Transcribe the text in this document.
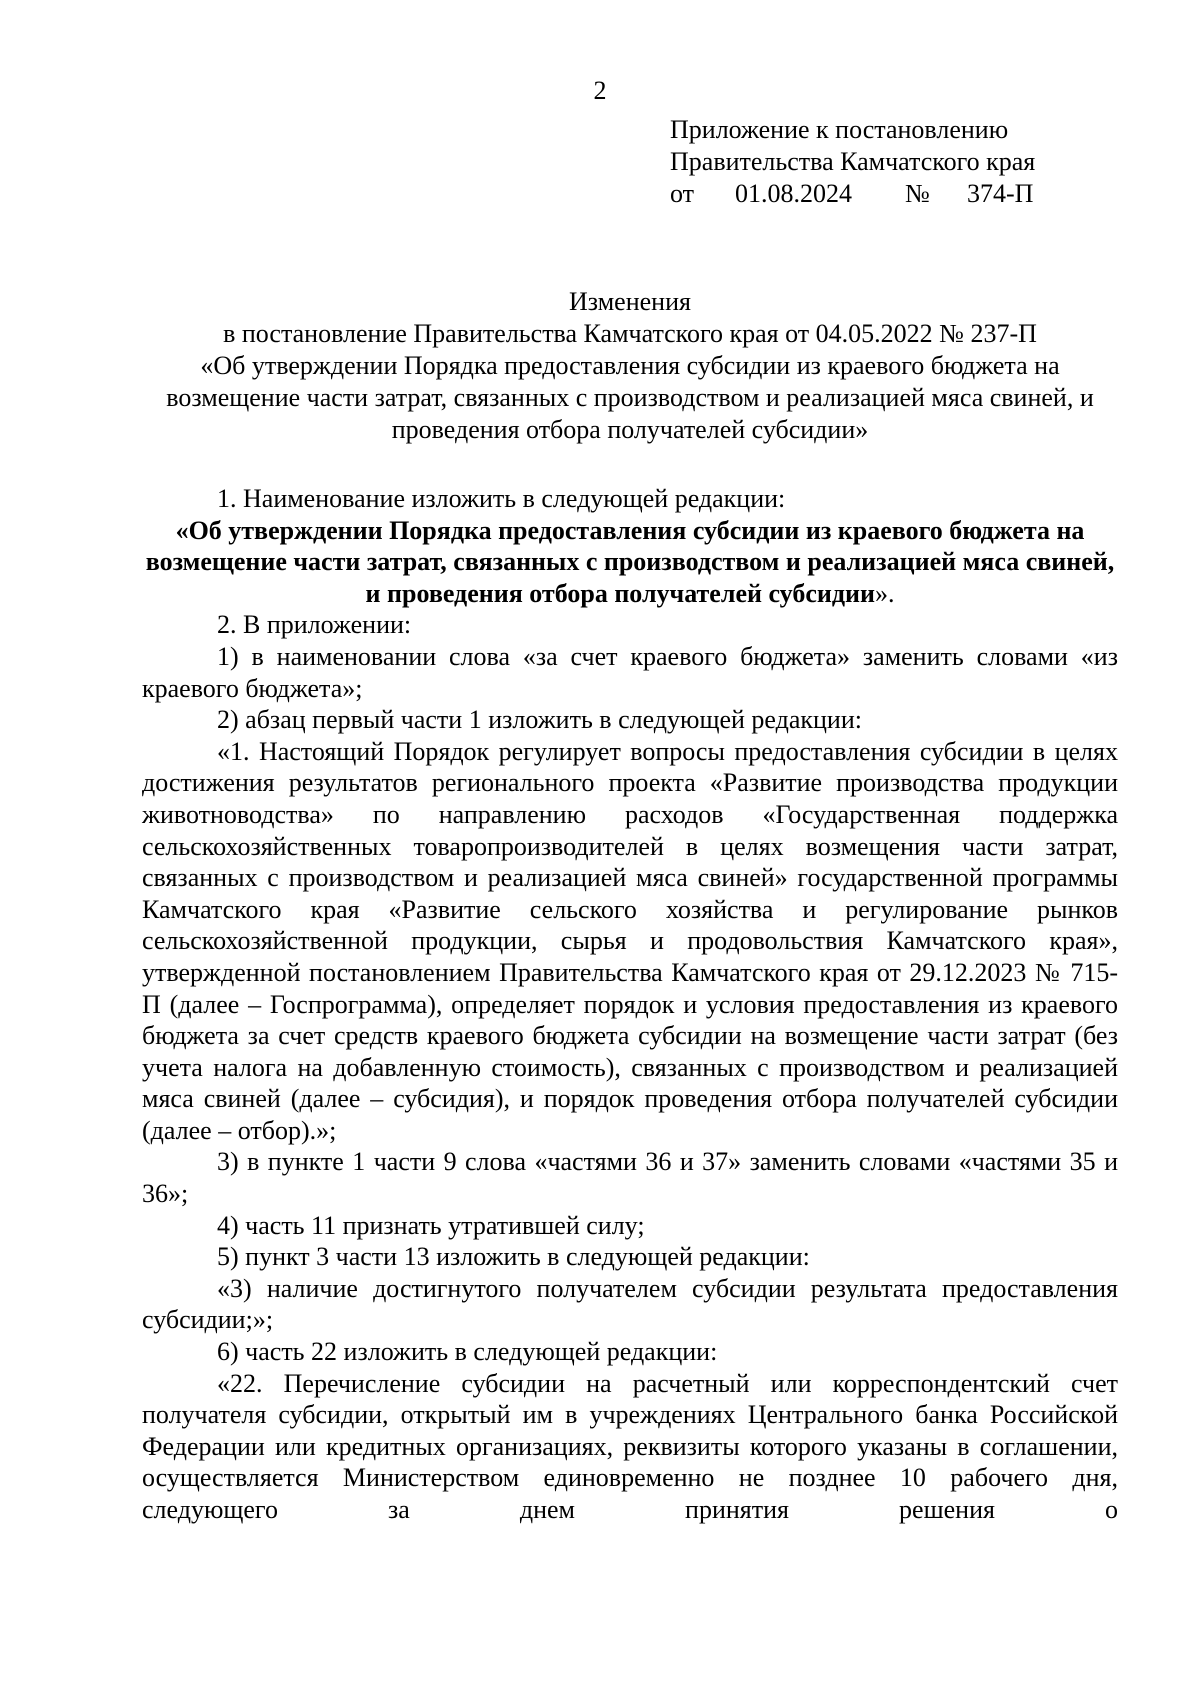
2
Приложение к постановлению
Правительства Камчатского края
от 01.08.2024 № 374-П
Изменения
в постановление Правительства Камчатского края от 04.05.2022 № 237-П
«Об утверждении Порядка предоставления субсидии из краевого бюджета на возмещение части затрат, связанных с производством и реализацией мяса свиней, и проведения отбора получателей субсидии»

1. Наименование изложить в следующей редакции:

«Об утверждении Порядка предоставления субсидии из краевого бюджета на возмещение части затрат, связанных с производством и реализацией мяса свиней, и проведения отбора получателей субсидии».

2. В приложении:

1) в наименовании слова «за счет краевого бюджета» заменить словами «из краевого бюджета»;

2) абзац первый части 1 изложить в следующей редакции:

«1. Настоящий Порядок регулирует вопросы предоставления субсидии в целях достижения результатов регионального проекта «Развитие производства продукции животноводства» по направлению расходов «Государственная поддержка сельскохозяйственных товаропроизводителей в целях возмещения части затрат, связанных с производством и реализацией мяса свиней» государственной программы Камчатского края «Развитие сельского хозяйства и регулирование рынков сельскохозяйственной продукции, сырья и продовольствия Камчатского края», утвержденной постановлением Правительства Камчатского края от 29.12.2023 № 715-П (далее – Госпрограмма), определяет порядок и условия предоставления из краевого бюджета за счет средств краевого бюджета субсидии на возмещение части затрат (без учета налога на добавленную стоимость), связанных с производством и реализацией мяса свиней (далее – субсидия), и порядок проведения отбора получателей субсидии (далее – отбор).»;

3) в пункте 1 части 9 слова «частями 36 и 37» заменить словами «частями 35 и 36»;

4) часть 11 признать утратившей силу;

5) пункт 3 части 13 изложить в следующей редакции:

«3) наличие достигнутого получателем субсидии результата предоставления субсидии;»;

6) часть 22 изложить в следующей редакции:

«22. Перечисление субсидии на расчетный или корреспондентский счет получателя субсидии, открытый им в учреждениях Центрального банка Российской Федерации или кредитных организациях, реквизиты которого указаны в соглашении, осуществляется Министерством единовременно не позднее 10 рабочего дня, следующего за днем принятия решения о
